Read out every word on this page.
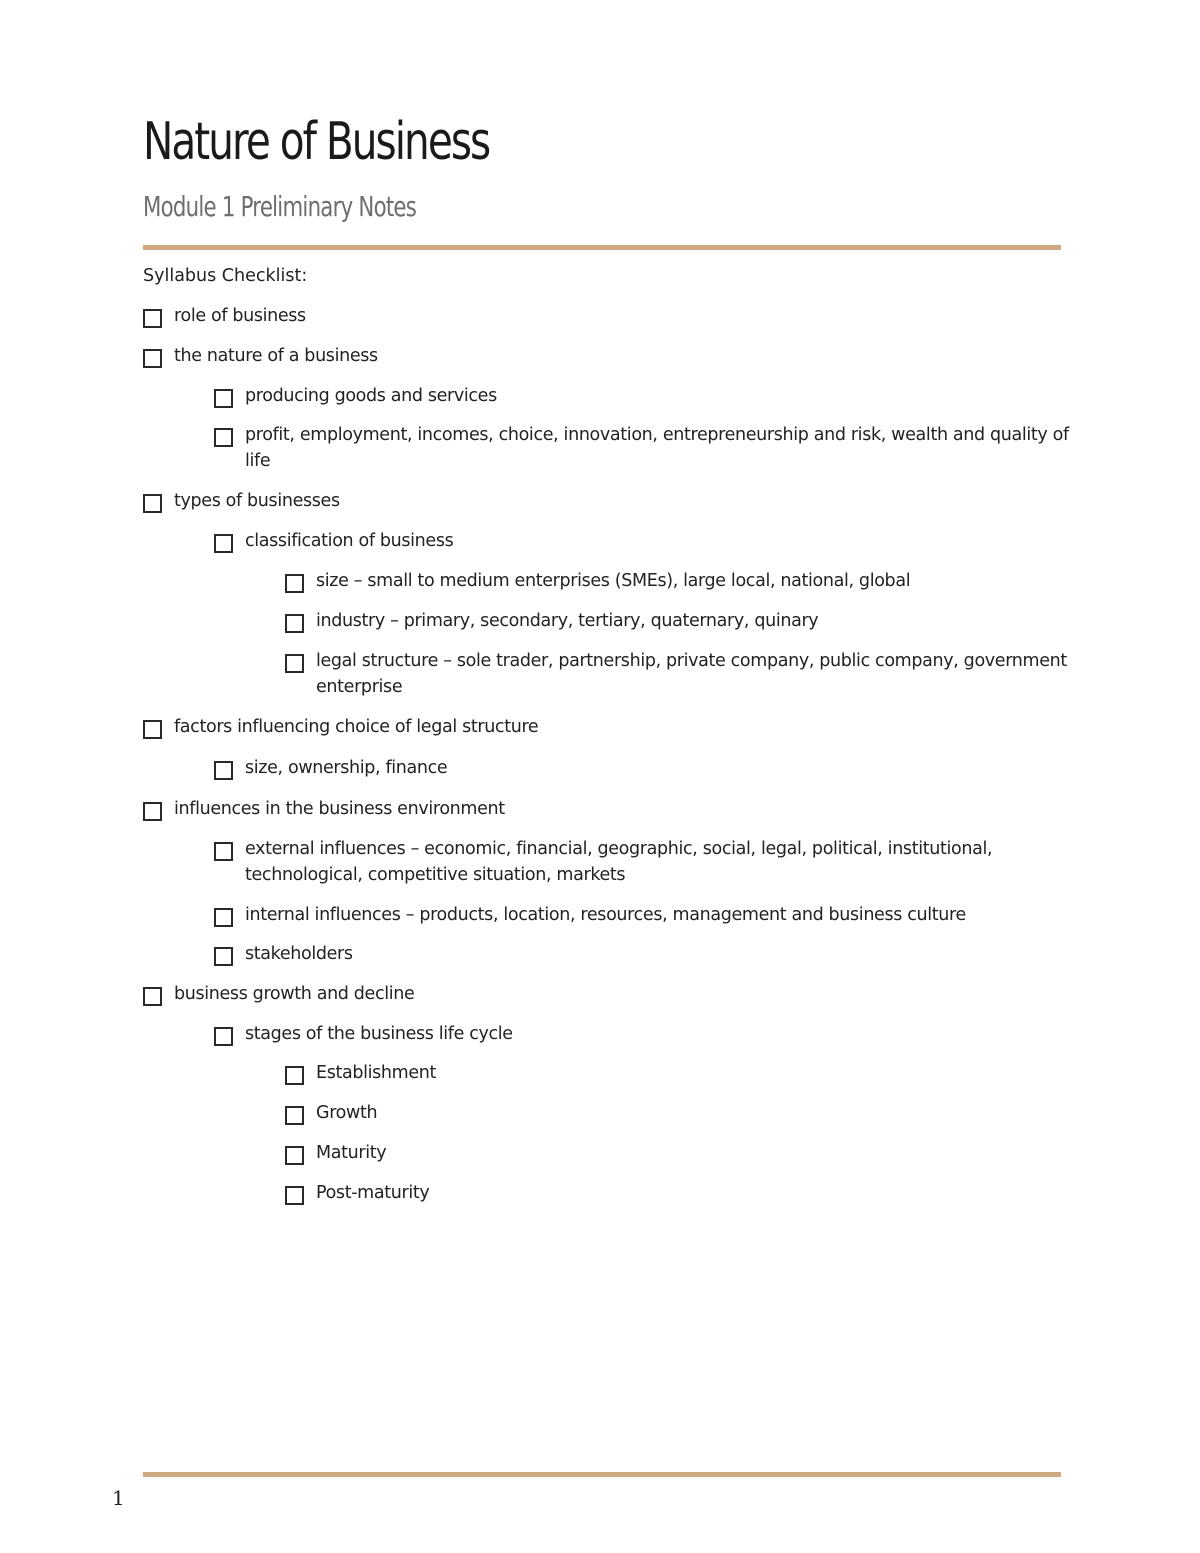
Nature of Business
Module 1 Preliminary Notes
Syllabus Checklist:
role of business
the nature of a business
producing goods and services
profit, employment, incomes, choice, innovation, entrepreneurship and risk, wealth and quality of life
types of businesses
classification of business
size – small to medium enterprises (SMEs), large local, national, global
industry – primary, secondary, tertiary, quaternary, quinary
legal structure – sole trader, partnership, private company, public company, government enterprise
factors influencing choice of legal structure
size, ownership, finance
influences in the business environment
external influences – economic, financial, geographic, social, legal, political, institutional, technological, competitive situation, markets
internal influences – products, location, resources, management and business culture
stakeholders
business growth and decline
stages of the business life cycle
Establishment
Growth
Maturity
Post-maturity
1
